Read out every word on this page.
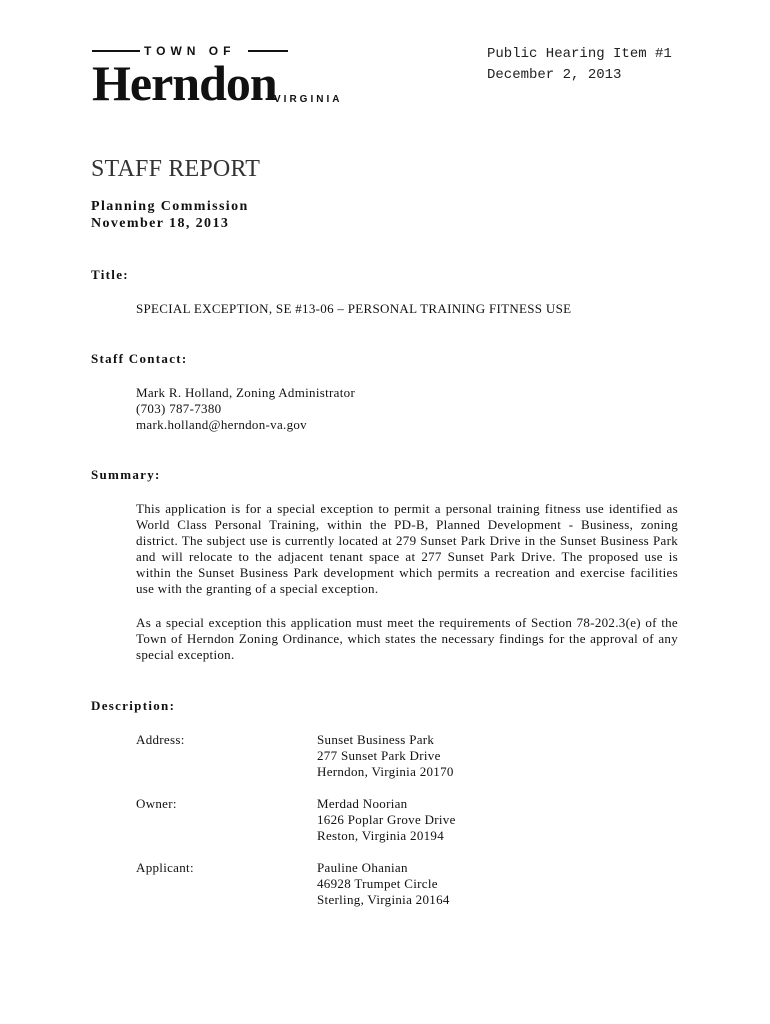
TOWN OF
Herndon
VIRGINIA
Public Hearing Item #1
December 2, 2013
STAFF REPORT
Planning Commission
November 18, 2013
Title:
SPECIAL EXCEPTION, SE #13-06 – PERSONAL TRAINING FITNESS USE
Staff Contact:
Mark R. Holland, Zoning Administrator
(703) 787-7380
mark.holland@herndon-va.gov
Summary:
This application is for a special exception to permit a personal training fitness use identified as World Class Personal Training, within the PD-B, Planned Development - Business, zoning district. The subject use is currently located at 279 Sunset Park Drive in the Sunset Business Park and will relocate to the adjacent tenant space at 277 Sunset Park Drive. The proposed use is within the Sunset Business Park development which permits a recreation and exercise facilities use with the granting of a special exception.
As a special exception this application must meet the requirements of Section 78-202.3(e) of the Town of Herndon Zoning Ordinance, which states the necessary findings for the approval of any special exception.
Description:
Address:	Sunset Business Park
277 Sunset Park Drive
Herndon, Virginia 20170
Owner:	Merdad Noorian
1626 Poplar Grove Drive
Reston, Virginia 20194
Applicant:	Pauline Ohanian
46928 Trumpet Circle
Sterling, Virginia 20164
